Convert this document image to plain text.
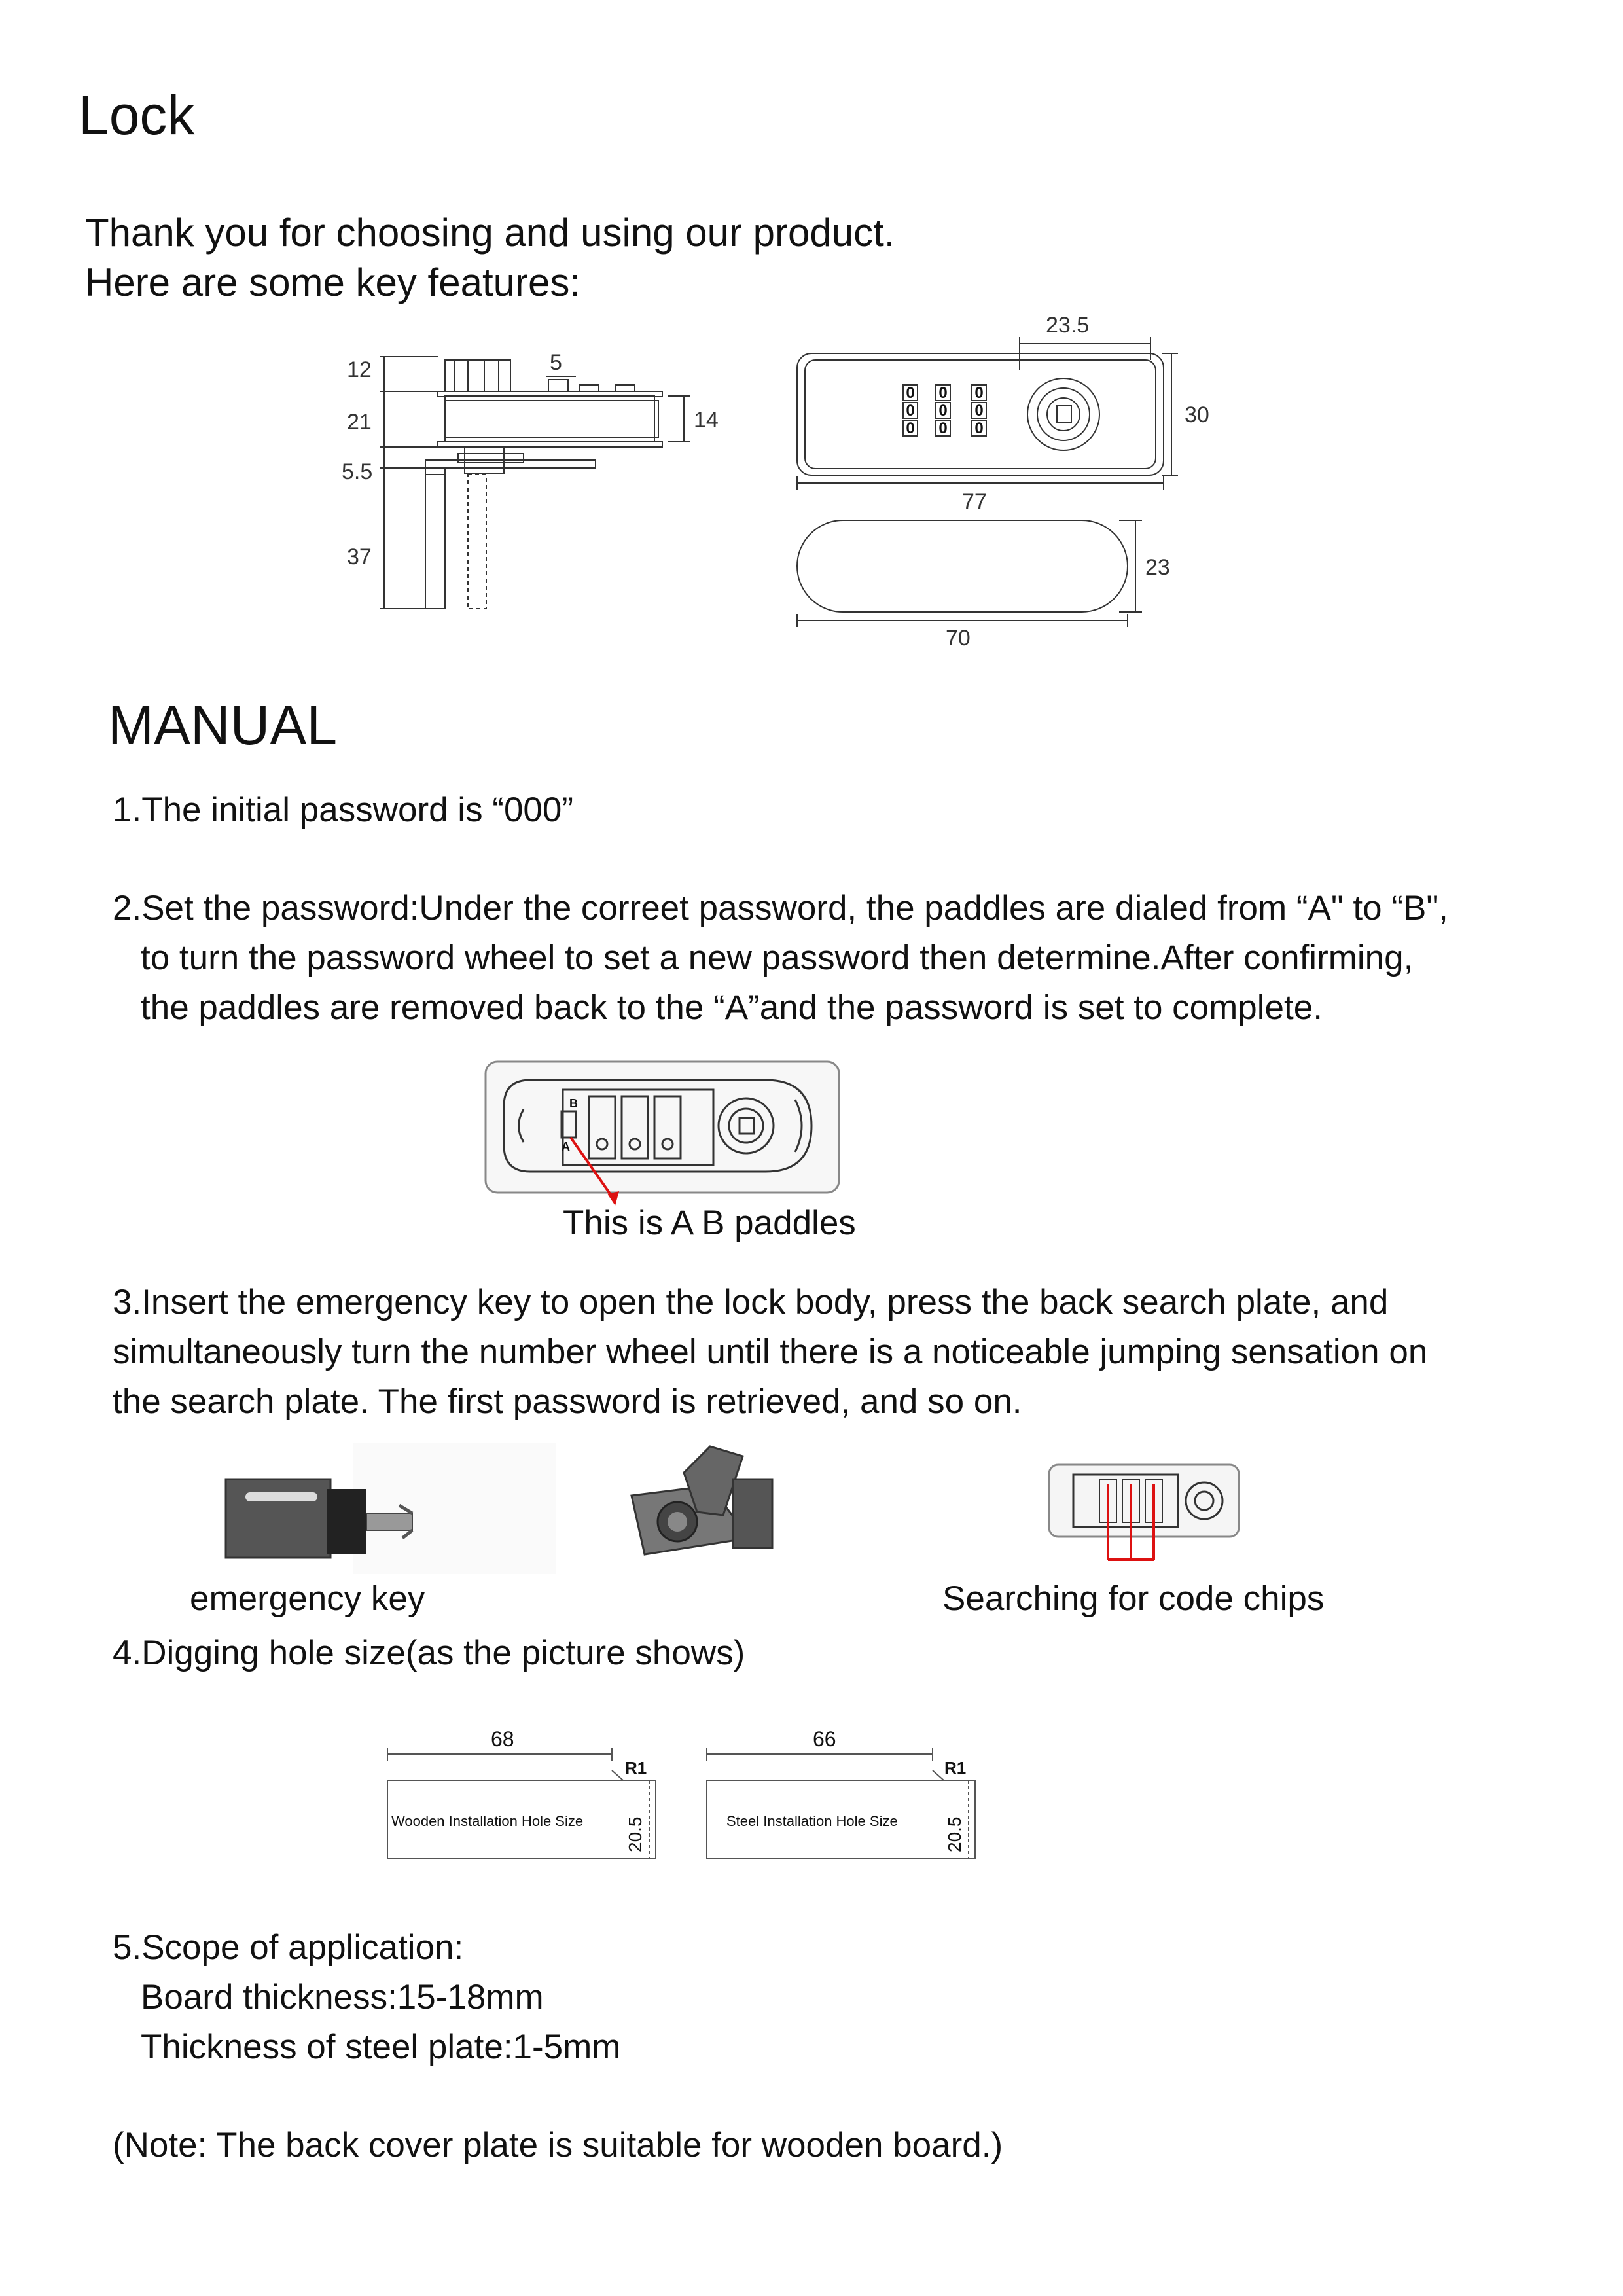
Lock
Thank you for choosing and using our product.
Here are some key features:
12
21
5.5
37
5
14
23.5
30
77
23
70
0
0
0
0
0
0
0
0
0
MANUAL
1.The initial password is “000”
2.Set the password:Under the correet password, the paddles are dialed from “A" to “B",
to turn the password wheel to set a new password then determine.After confirming,
the paddles are removed back to the “A”and the password is set to complete.
B
A
This is A B paddles
3.Insert the emergency key to open the lock body, press the back search plate, and
simultaneously turn the number wheel until there is a noticeable jumping sensation on
the search plate. The first password is retrieved, and so on.
emergency key	Searching for code chips
4.Digging hole size(as the picture shows)
68	66
R1	R1
Wooden Installation Hole Size	Steel Installation Hole Size
20.5	20.5
5.Scope of application:
Board thickness:15-18mm
Thickness of steel plate:1-5mm
(Note: The back cover plate is suitable for wooden board.)
